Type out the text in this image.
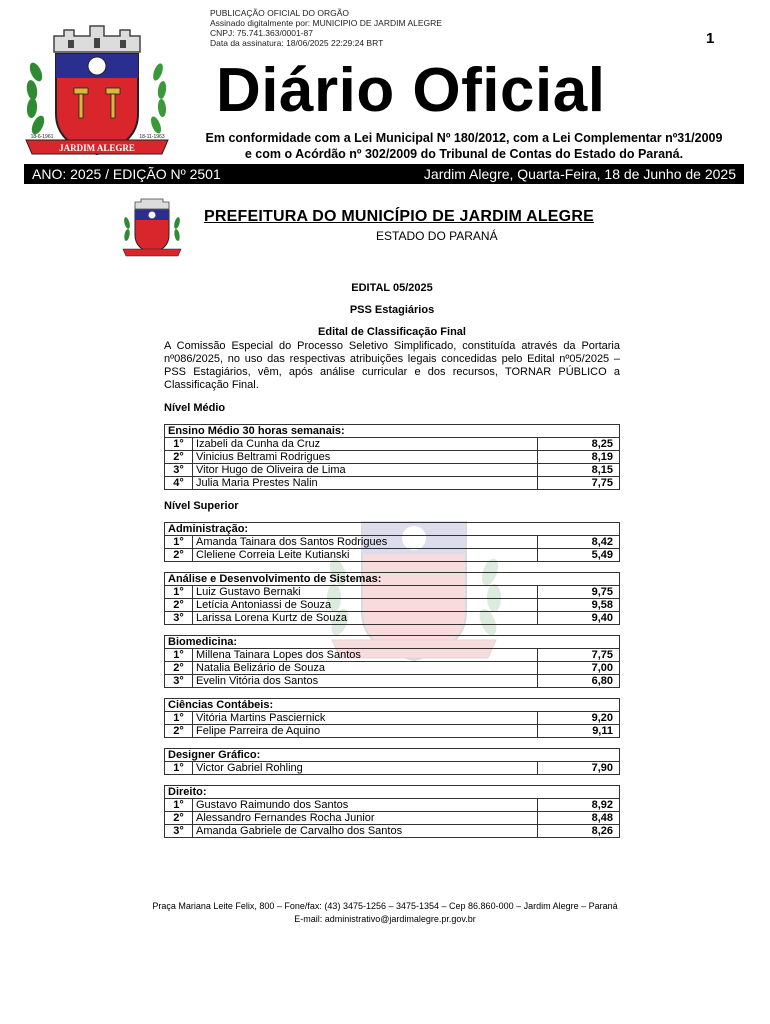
PUBLICAÇÃO OFICIAL DO ORGÃO
Assinado digitalmente por: MUNICIPIO DE JARDIM ALEGRE
CNPJ: 75.741.363/0001-87
Data da assinatura: 18/06/2025 22:29:24 BRT	1
JARDIM ALEGRE
18-6-1961	18-11-1963
Diário Oficial
Em conformidade com a Lei Municipal Nº 180/2012, com a Lei Complementar nº31/2009
e com o Acórdão nº 302/2009 do Tribunal de Contas do Estado do Paraná.
ANO: 2025 / EDIÇÃO Nº 2501	Jardim Alegre, Quarta-Feira, 18 de Junho de 2025
PREFEITURA DO MUNICÍPIO DE JARDIM ALEGRE
ESTADO DO PARANÁ
EDITAL 05/2025
PSS Estagiários
Edital de Classificação Final
A Comissão Especial do Processo Seletivo Simplificado, constituída através da Portaria nº086/2025, no uso das respectivas atribuições legais concedidas pelo Edital nº05/2025 – PSS Estagiários, vêm, após análise curricular e dos recursos, TORNAR PÚBLICO a Classificação Final.
Nível Médio
Ensino Médio 30 horas semanais:		
1°	Izabeli da Cunha da Cruz	8,25
2°	Vinicius Beltrami Rodrigues	8,19
3°	Vitor Hugo de Oliveira de Lima	8,15
4°	Julia Maria Prestes Nalin	7,75
Nível Superior
Administração:		
1°	Amanda Tainara dos Santos Rodrigues	8,42
2°	Cleliene Correia Leite Kutianski	5,49
Análise e Desenvolvimento de Sistemas:		
1°	Luiz Gustavo Bernaki	9,75
2°	Letícia Antoniassi de Souza	9,58
3°	Larissa Lorena Kurtz de Souza	9,40
Biomedicina:		
1°	Millena Tainara Lopes dos Santos	7,75
2°	Natalia Belizário de Souza	7,00
3°	Evelin Vitória dos Santos	6,80
Ciências Contábeis:		
1°	Vitória Martins Pasciernick	9,20
2°	Felipe Parreira de Aquino	9,11
Designer Gráfico:
1°	Victor Gabriel Rohling	7,90
Direito:		
1°	Gustavo Raimundo dos Santos	8,92
2°	Alessandro Fernandes Rocha Junior	8,48
3°	Amanda Gabriele de Carvalho dos Santos	8,26
Praça Mariana Leite Felix, 800 – Fone/fax: (43) 3475-1256 – 3475-1354 – Cep 86.860-000 – Jardim Alegre – Paraná
E-mail: administrativo@jardimalegre.pr.gov.br
